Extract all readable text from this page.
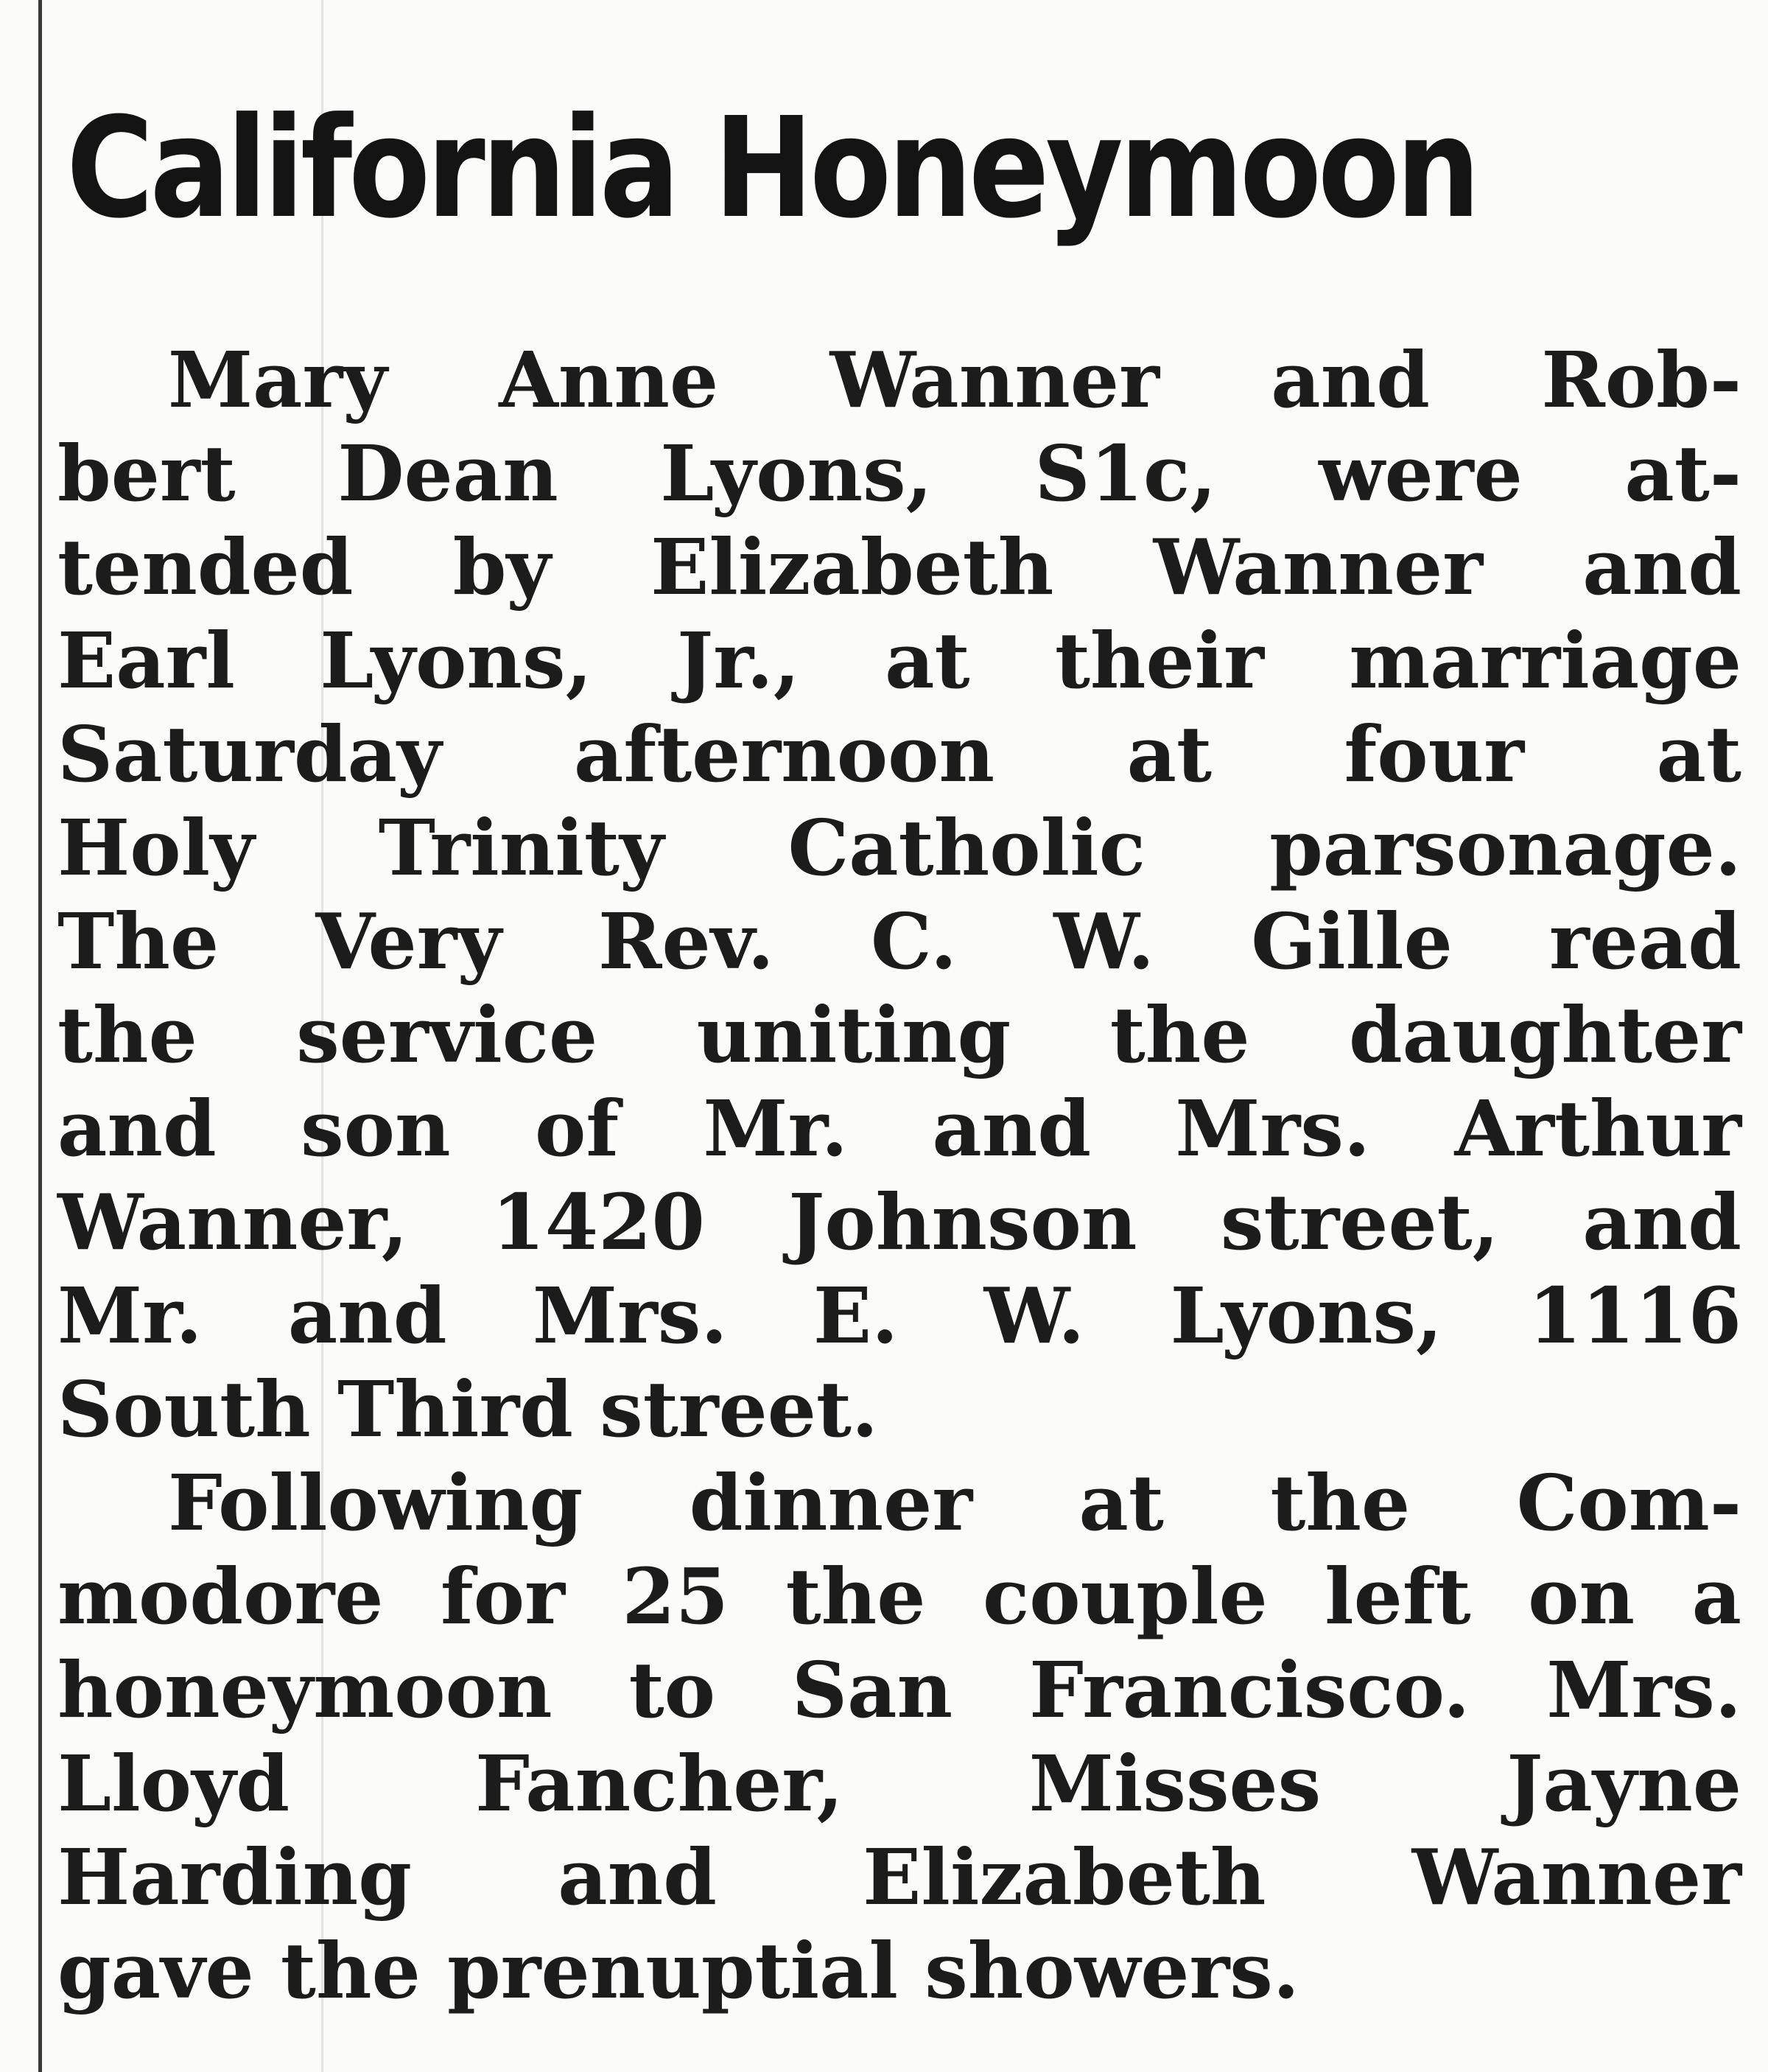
California Honeymoon
Mary Anne Wanner and Rob-
bert Dean Lyons, S1c, were at-
tended by Elizabeth Wanner and
Earl Lyons, Jr., at their marriage
Saturday afternoon at four at
Holy Trinity Catholic parsonage.
The Very Rev. C. W. Gille read
the service uniting the daughter
and son of Mr. and Mrs. Arthur
Wanner, 1420 Johnson street, and
Mr. and Mrs. E. W. Lyons, 1116
South Third street.
Following dinner at the Com-
modore for 25 the couple left on a
honeymoon to San Francisco. Mrs.
Lloyd Fancher, Misses Jayne
Harding and Elizabeth Wanner
gave the prenuptial showers.
